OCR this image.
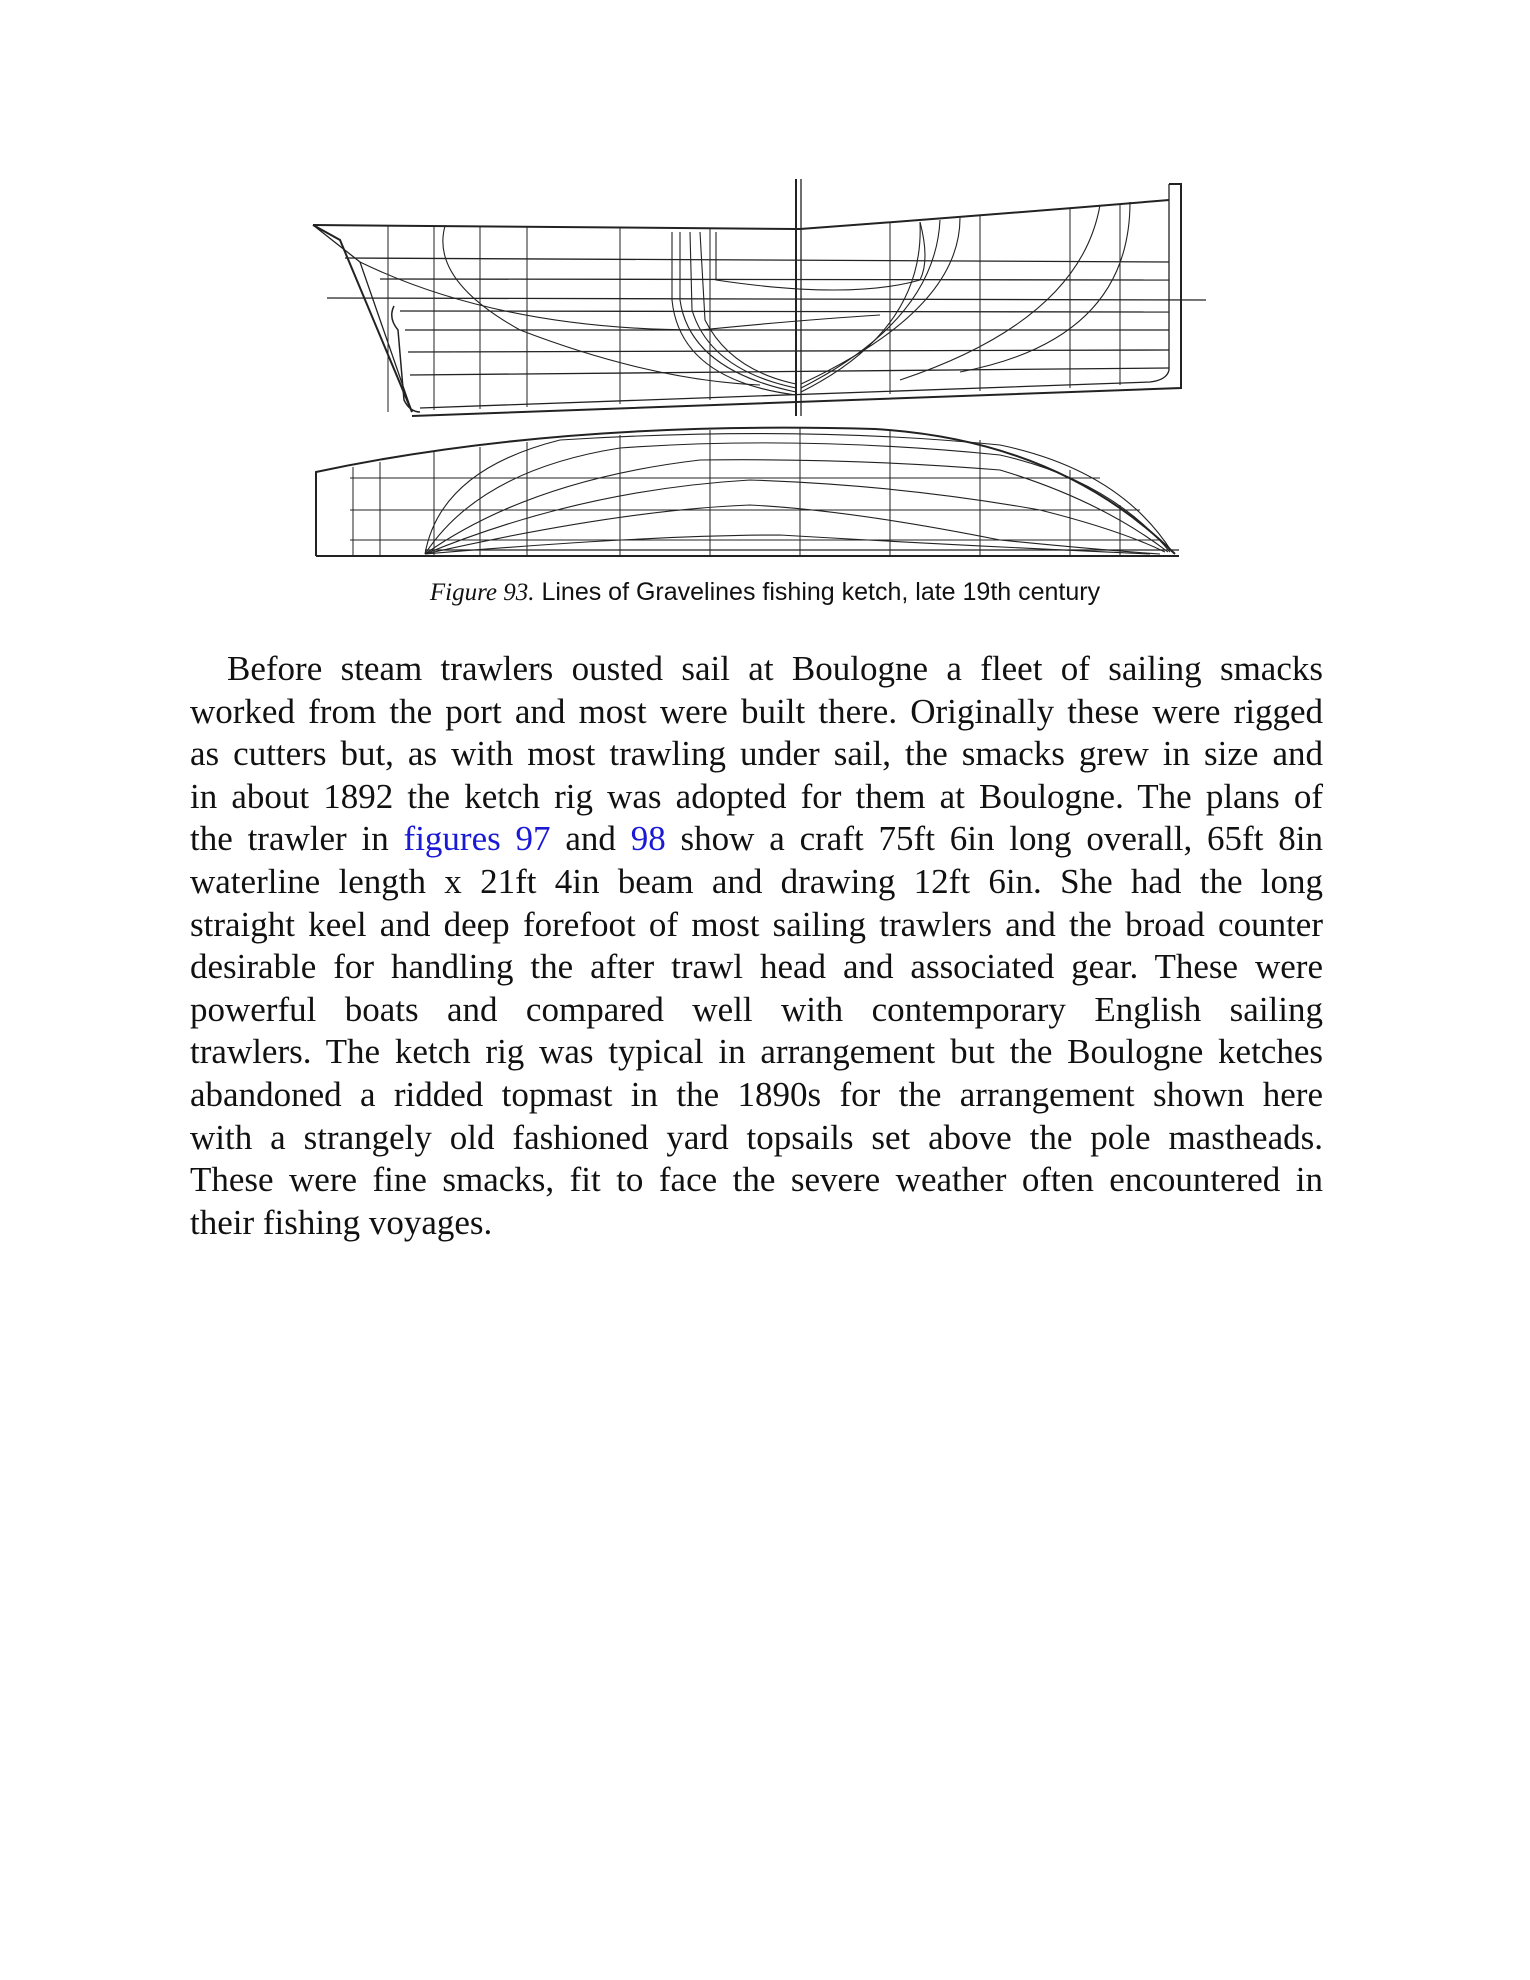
Figure 93. Lines of Gravelines fishing ketch, late 19th century
Before steam trawlers ousted sail at Boulogne a fleet of sailing smacks
worked from the port and most were built there. Originally these were rigged
as cutters but, as with most trawling under sail, the smacks grew in size and
in about 1892 the ketch rig was adopted for them at Boulogne. The plans of
the trawler in figures 97 and 98 show a craft 75ft 6in long overall, 65ft 8in
waterline length x 21ft 4in beam and drawing 12ft 6in. She had the long
straight keel and deep forefoot of most sailing trawlers and the broad counter
desirable for handling the after trawl head and associated gear. These were
powerful boats and compared well with contemporary English sailing
trawlers. The ketch rig was typical in arrangement but the Boulogne ketches
abandoned a ridded topmast in the 1890s for the arrangement shown here
with a strangely old fashioned yard topsails set above the pole mastheads.
These were fine smacks, fit to face the severe weather often encountered in
their fishing voyages.
